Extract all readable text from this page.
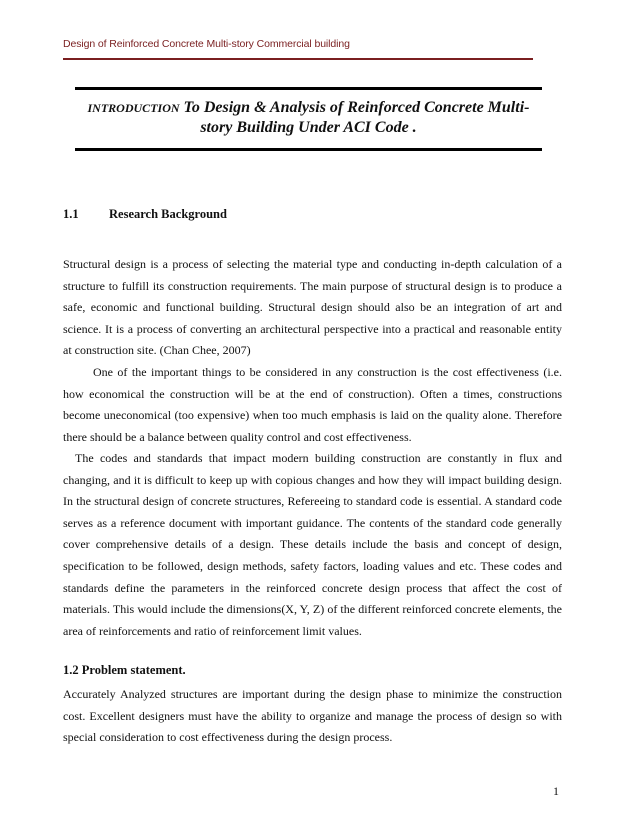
Design of Reinforced Concrete Multi-story Commercial building
INTRODUCTION To Design & Analysis of Reinforced Concrete Multi-story Building Under ACI Code .
1.1 Research Background

Structural design is a process of selecting the material type and conducting in-depth calculation of a structure to fulfill its construction requirements. The main purpose of structural design is to produce a safe, economic and functional building. Structural design should also be an integration of art and science. It is a process of converting an architectural perspective into a practical and reasonable entity at construction site. (Chan Chee, 2007)

One of the important things to be considered in any construction is the cost effectiveness (i.e. how economical the construction will be at the end of construction). Often a times, constructions become uneconomical (too expensive) when too much emphasis is laid on the quality alone. Therefore there should be a balance between quality control and cost effectiveness.

The codes and standards that impact modern building construction are constantly in flux and changing, and it is difficult to keep up with copious changes and how they will impact building design. In the structural design of concrete structures, Refereeing to standard code is essential. A standard code serves as a reference document with important guidance. The contents of the standard code generally cover comprehensive details of a design. These details include the basis and concept of design, specification to be followed, design methods, safety factors, loading values and etc. These codes and standards define the parameters in the reinforced concrete design process that affect the cost of materials. This would include the dimensions(X, Y, Z) of the different reinforced concrete elements, the area of reinforcements and ratio of reinforcement limit values.

1.2 Problem statement.

Accurately Analyzed structures are important during the design phase to minimize the construction cost. Excellent designers must have the ability to organize and manage the process of design so with special consideration to cost effectiveness during the design process.

1
